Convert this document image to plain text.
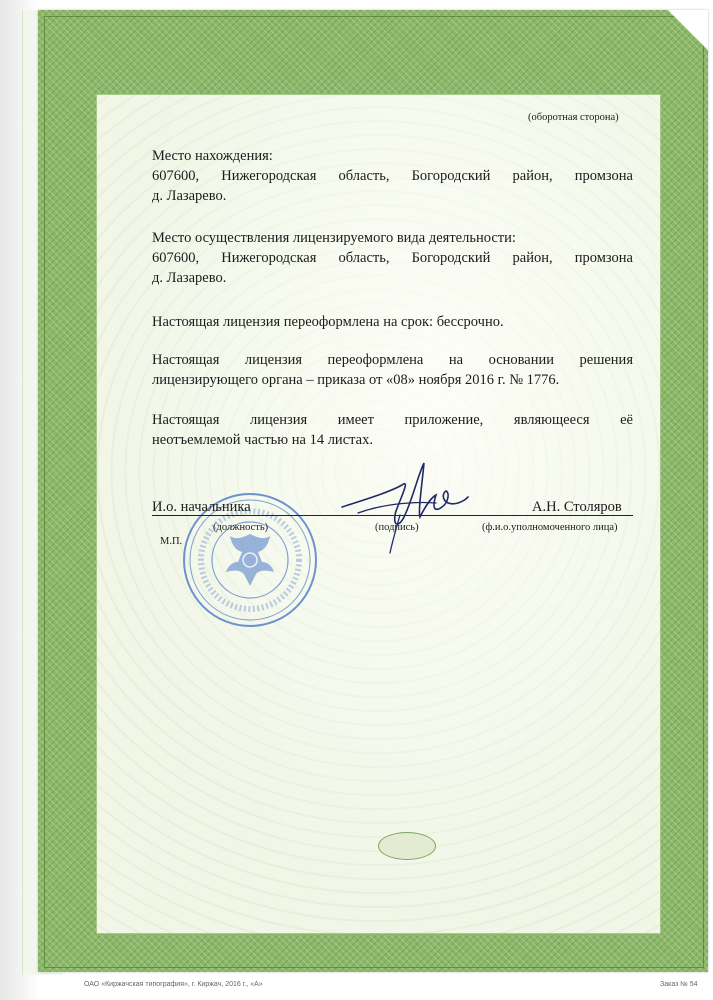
(оборотная сторона)
Место нахождения:
607600, Нижегородская область, Богородский район, промзона
д. Лазарево.
Место осуществления лицензируемого вида деятельности:
607600, Нижегородская область, Богородский район, промзона
д. Лазарево.
Настоящая лицензия переоформлена на срок: бессрочно.
Настоящая лицензия переоформлена на основании решения
лицензирующего органа – приказа от «08» ноября 2016 г. № 1776.
Настоящая лицензия имеет приложение, являющееся её
неотъемлемой частью на 14 листах.
И.о. начальника	А.Н. Столяров
(должность)	(подпись)	(ф.и.о.уполномоченного лица)
М.П.
ОАО «Киржачская типография», г. Киржач, 2016 г., «А»	Заказ № 54
